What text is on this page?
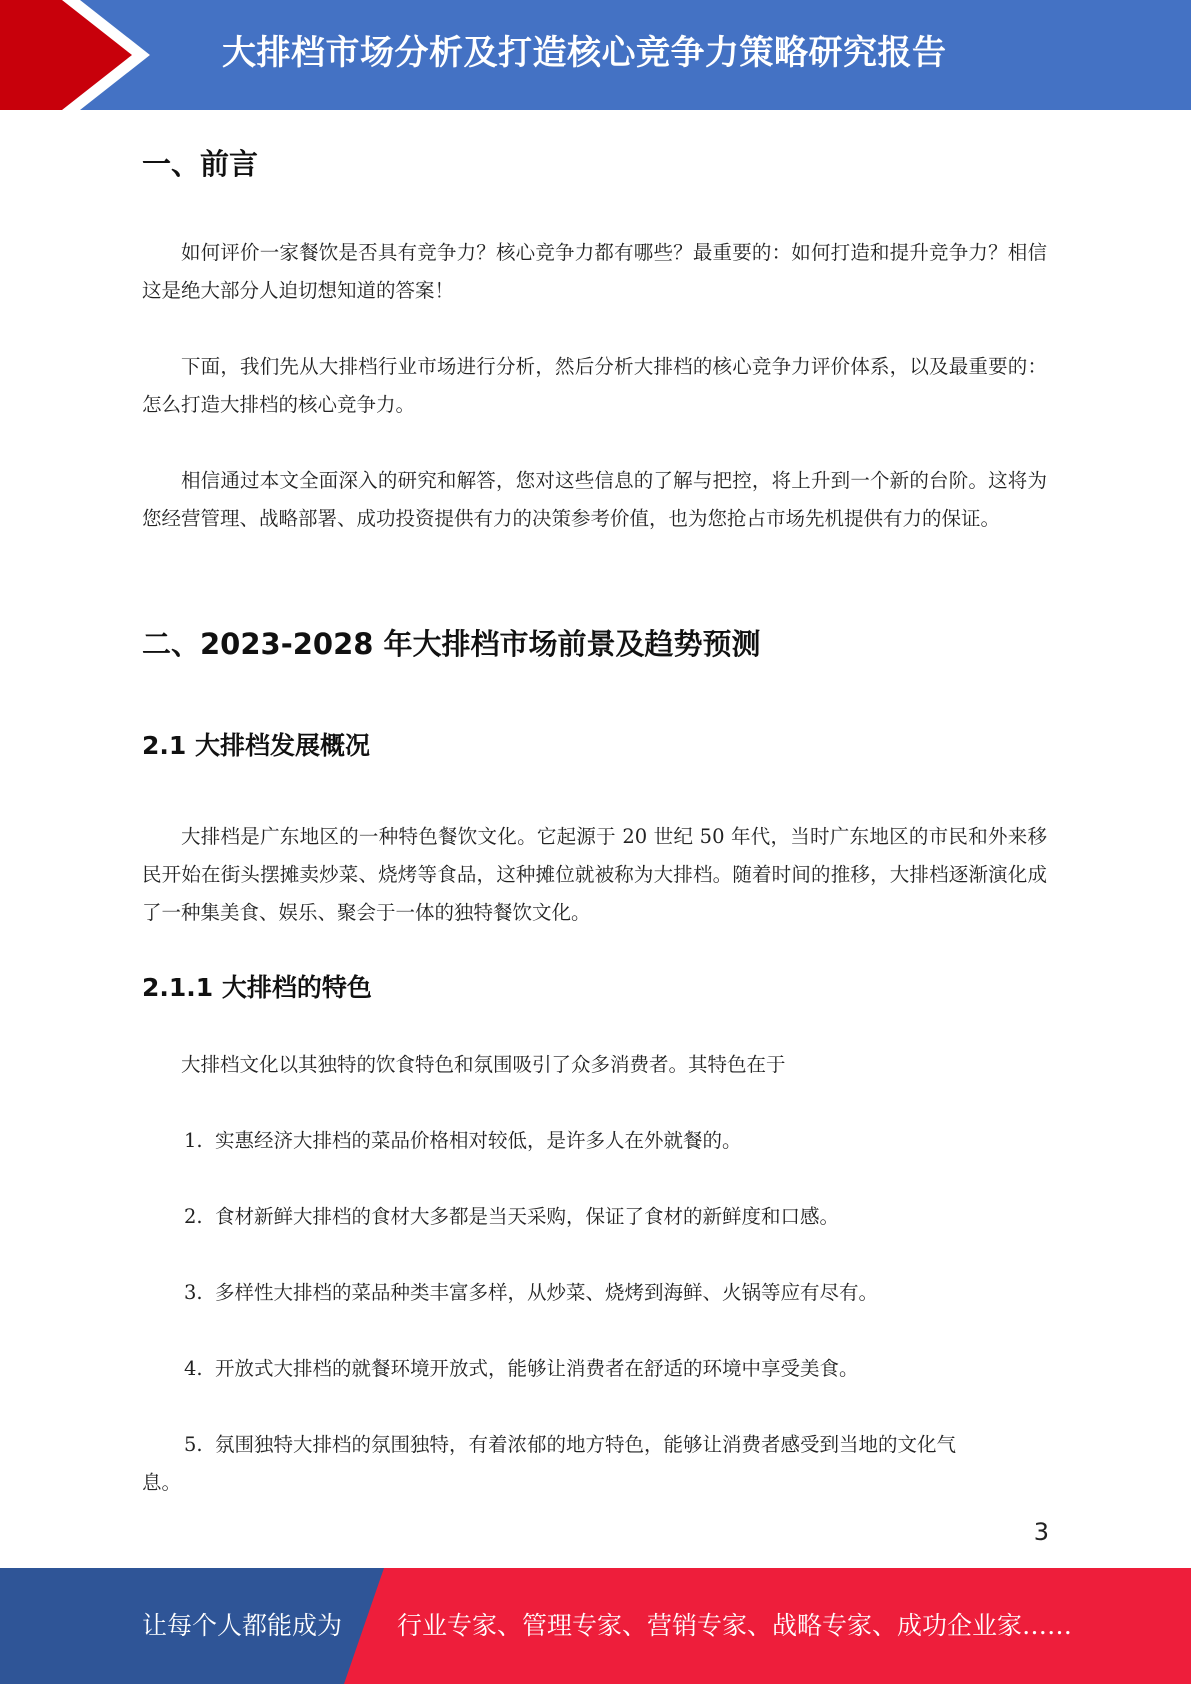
大排档市场分析及打造核心竞争力策略研究报告
一、前言

如何评价一家餐饮是否具有竞争力？核心竞争力都有哪些？最重要的：如何打造和提升竞争力？相信这是绝大部分人迫切想知道的答案！

下面，我们先从大排档行业市场进行分析，然后分析大排档的核心竞争力评价体系，以及最重要的：怎么打造大排档的核心竞争力。

相信通过本文全面深入的研究和解答，您对这些信息的了解与把控，将上升到一个新的台阶。这将为您经营管理、战略部署、成功投资提供有力的决策参考价值，也为您抢占市场先机提供有力的保证。

二、2023-2028 年大排档市场前景及趋势预测
2.1 大排档发展概况

大排档是广东地区的一种特色餐饮文化。它起源于 20 世纪 50 年代，当时广东地区的市民和外来移民开始在街头摆摊卖炒菜、烧烤等食品，这种摊位就被称为大排档。随着时间的推移，大排档逐渐演化成了一种集美食、娱乐、聚会于一体的独特餐饮文化。

2.1.1 大排档的特色

大排档文化以其独特的饮食特色和氛围吸引了众多消费者。其特色在于

1. 实惠经济大排档的菜品价格相对较低，是许多人在外就餐的。

2. 食材新鲜大排档的食材大多都是当天采购，保证了食材的新鲜度和口感。

3. 多样性大排档的菜品种类丰富多样，从炒菜、烧烤到海鲜、火锅等应有尽有。

4. 开放式大排档的就餐环境开放式，能够让消费者在舒适的环境中享受美食。

5. 氛围独特大排档的氛围独特，有着浓郁的地方特色，能够让消费者感受到当地的文化气

息。

3
让每个人都能成为 行业专家、管理专家、营销专家、战略专家、成功企业家……
